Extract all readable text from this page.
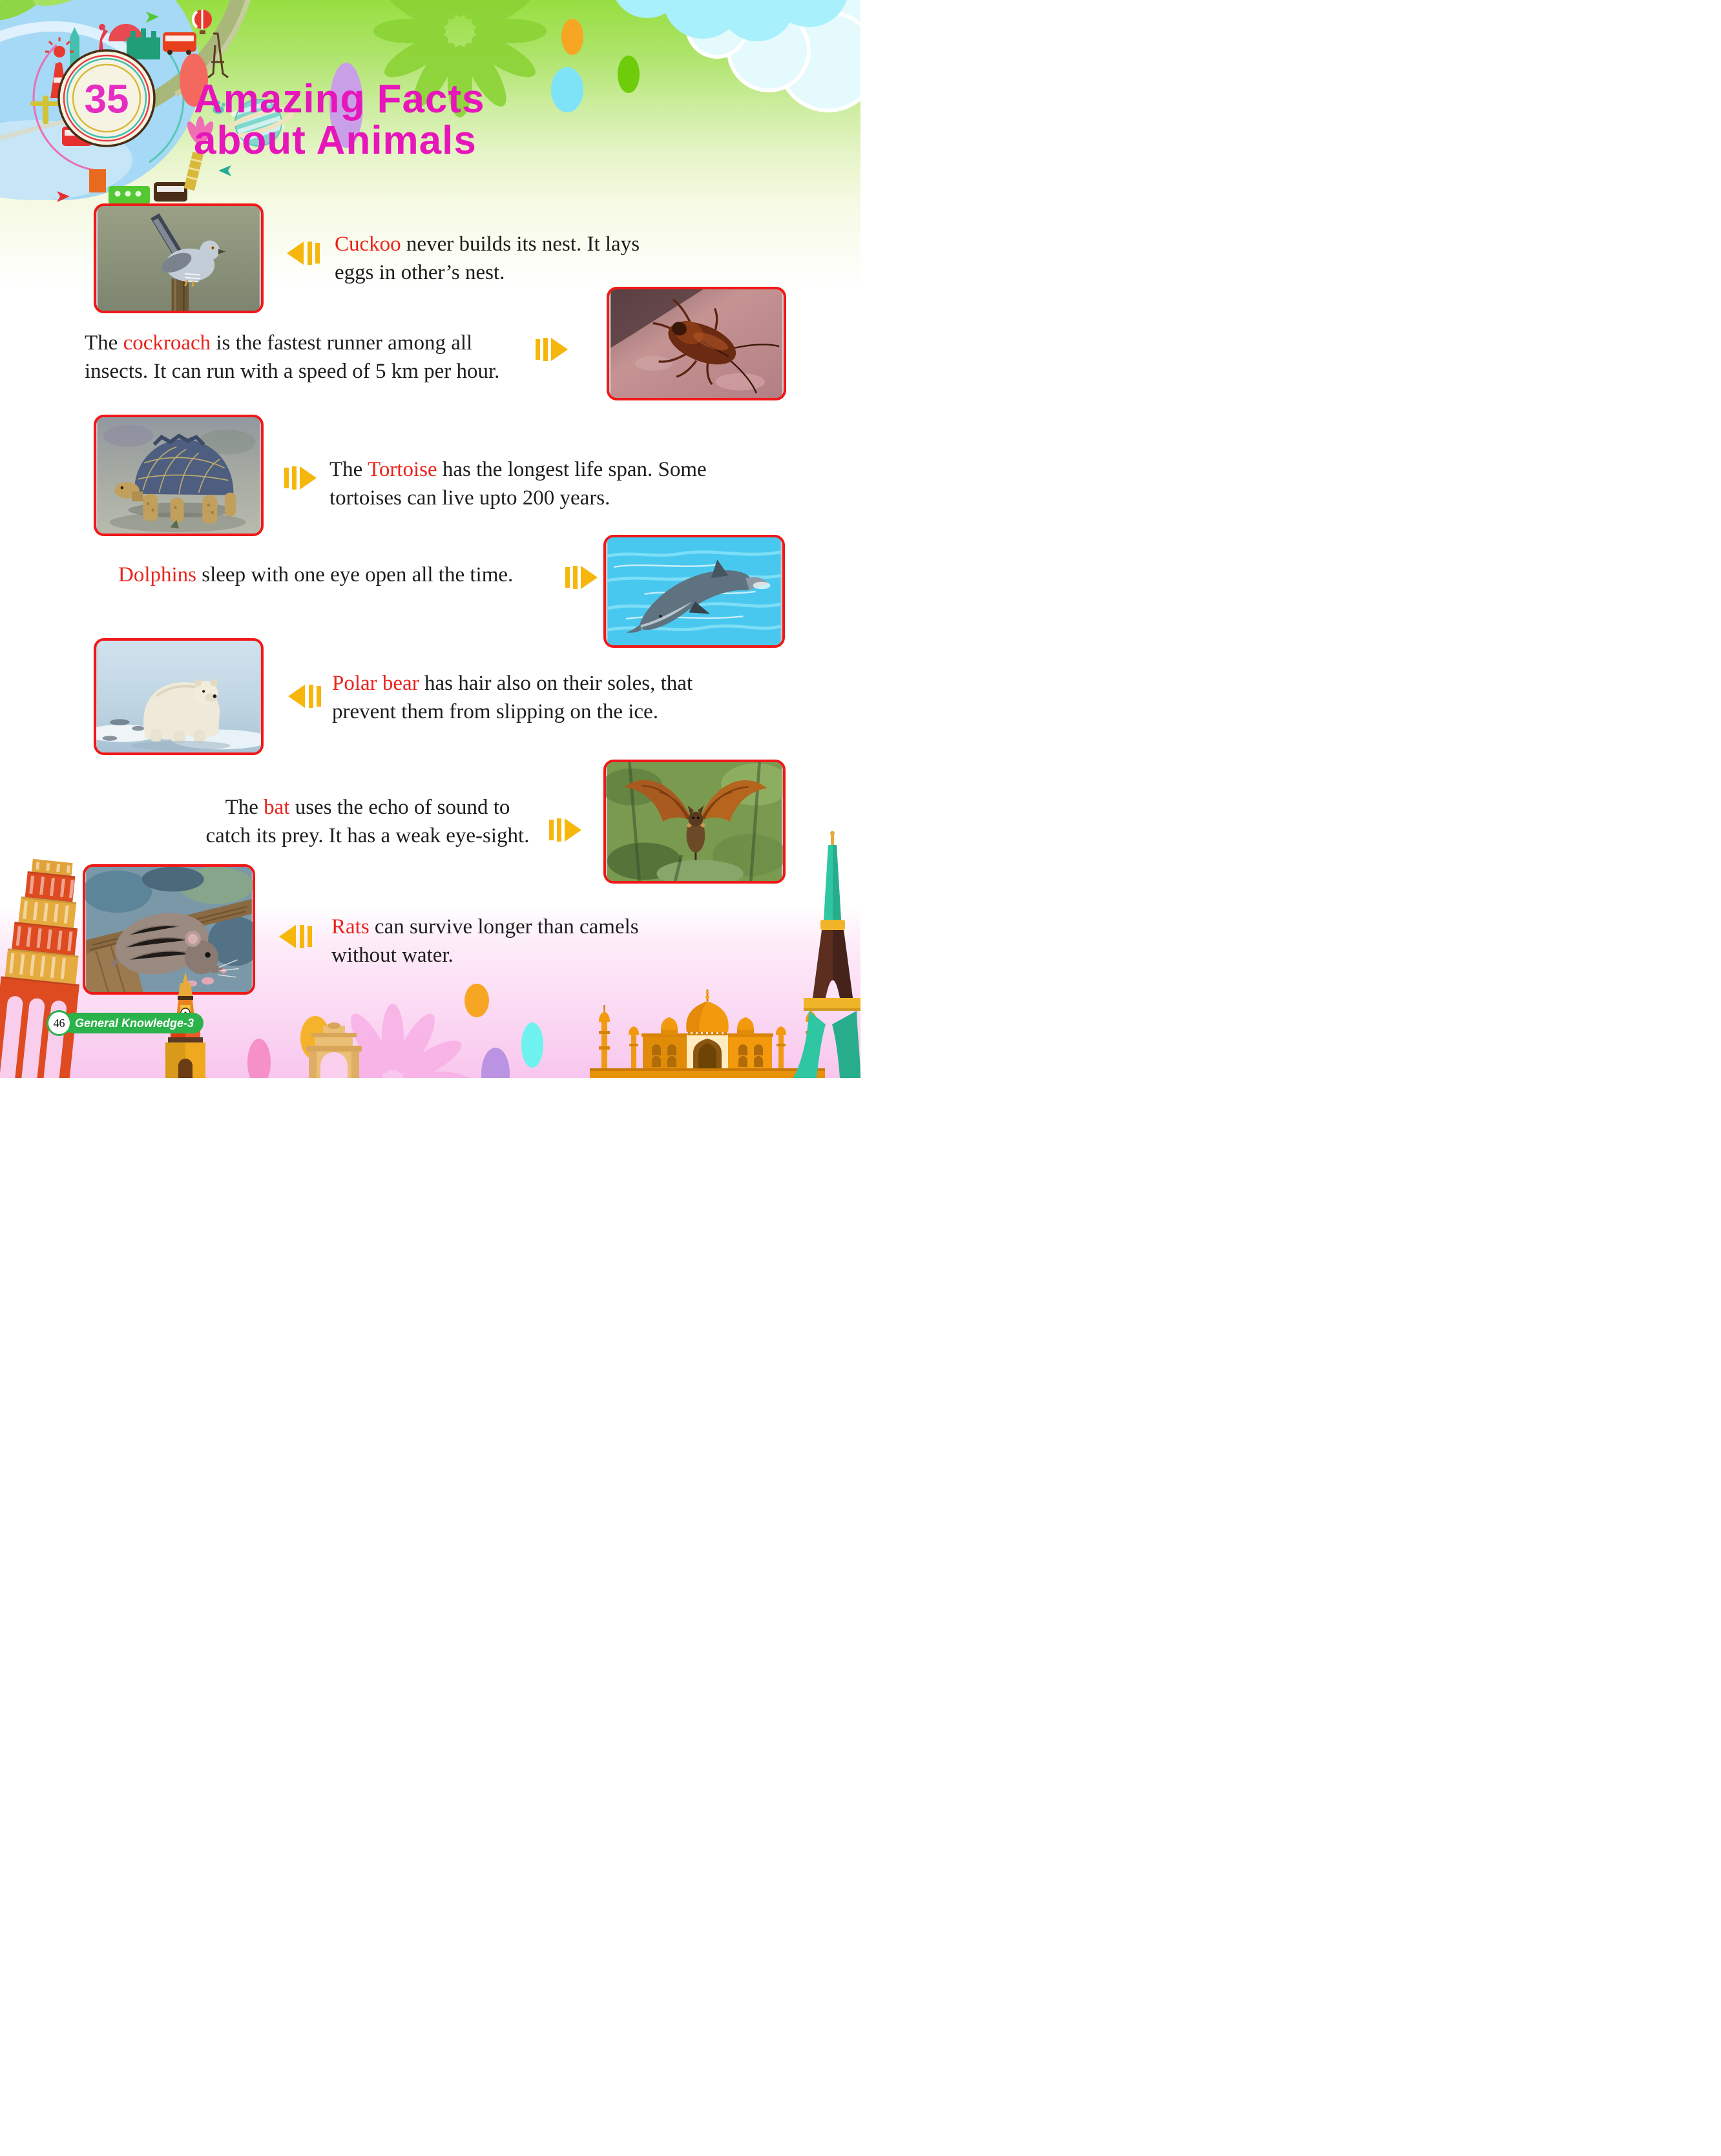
35 Amazing Facts
about Animals
Cuckoo never builds its nest. It lays
eggs in other’s nest.
The cockroach is the fastest runner among all
insects. It can run with a speed of 5 km per hour.
The Tortoise has the longest life span. Some
tortoises can live upto 200 years.
Dolphins sleep with one eye open all the time.
Polar bear has hair also on their soles, that
prevent them from slipping on the ice.
The bat uses the echo of sound to
catch its prey. It has a weak eye-sight.
Rats can survive longer than camels
without water.
46 General Knowledge-3
